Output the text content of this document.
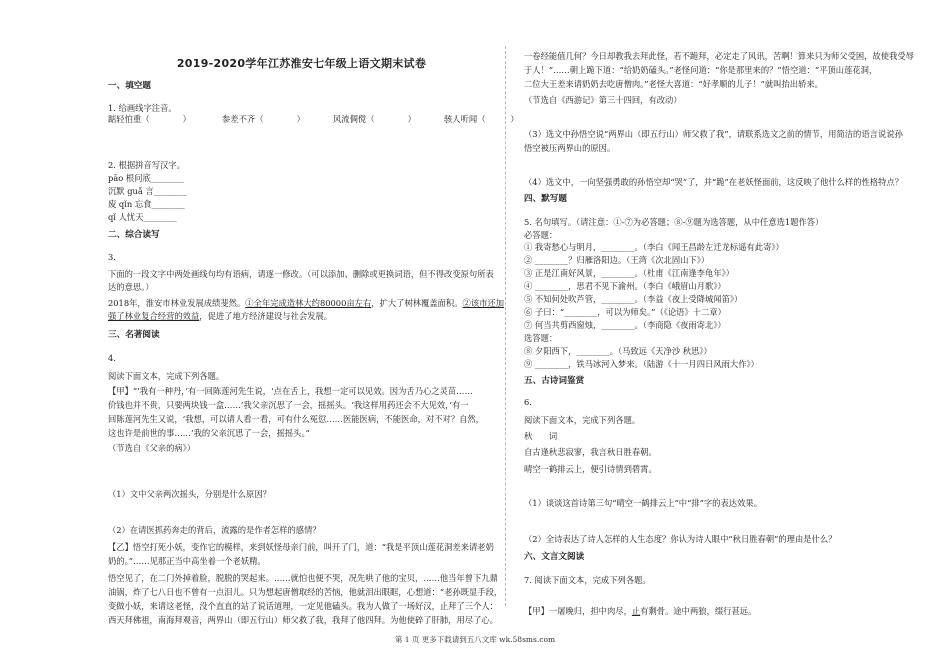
2019-2020学年江苏淮安七年级上语文期末试卷
一、填空题
1. 给画线字注音。
踮轻怕重（　　　　）	参差不齐（　　　　）	风流倜傥（　　　　）	骇人听闻（　　　）
2. 根据拼音写汉字。
pāo 根问底________
沉默 guǎ 言________
废 qǐn 忘食________
qǐ 人忧天________
二、综合读写
3.
下面的一段文字中两处画线句均有语病，请逐一修改。（可以添加、删除或更换词语，但不得改变原句所表
达的意思。）
2018年，淮安市林业发展成绩斐然。①全年完成造林大约80000亩左右，扩大了树林覆盖面积。②该市还加
强了林业复合经营的效益，促进了地方经济建设与社会发展。
三、名著阅读
4.
阅读下面文本，完成下列各题。
【甲】“‘我有一种丹，’有一回陈莲河先生说，‘点在舌上，我想一定可以见效。因为舌乃心之灵苗……
价钱也并不贵，只要两块钱一盒……’我父亲沉思了一会，摇摇头。‘我这样用药还会不大见效，’有一
回陈莲河先生又说，‘我想，可以请人看一看，可有什么冤愆……医能医病，不能医命，对不对？自然，
这也许是前世的事……’我的父亲沉思了一会，摇摇头。”
（节选自《父亲的病》）
（1）文中父亲两次摇头，分别是什么原因？
（2）在请医抓药奔走的背后，流露的是作者怎样的感情？
【乙】悟空打死小妖，变作它的模样，来到妖怪母亲门前，叫开了门，道：“我是平顶山莲花洞差来请老奶
奶的。”……见那正当中高坐着一个老妖精。
悟空见了，在二门外掉着脸，脱脱的哭起来。……就怕也便不哭，况先哄了他的宝贝，……他当年曾下九鼎
油锅，炸了七八日也不曾有一点泪儿。只为想起唐僧取经的苦恼，他就泪出眼眶，心想道：“老孙既显手段，
变做小妖，来请这老怪，没个直直的站了说话道理，一定见他磕头。我为人做了一场好汉，止拜了三个人：
西天拜佛祖，南海拜观音，两界山（即五行山）师父救了我，我拜了他四拜。为他使碎了肝肺，用尽了心。
一卷经能值几何？今日却教我去拜此怪，若不跪拜，必定走了风讯，苦啊！算来只为师父受困，故使我受辱
于人！”……朝上跪下道：“给奶奶磕头。”老怪问道：“你是那里来的？”悟空道：“平顶山莲花洞，
二位大王差来请奶奶去吃唐僧肉。”老怪大喜道：“好孝顺的儿子！”就叫抬出轿来。
（节选自《西游记》第三十四回，有改动）
（3）选文中孙悟空说“两界山（即五行山）师父救了我”，请联系选文之前的情节，用简洁的语言说说孙
悟空被压两界山的原因。
（4）选文中，一向坚强勇敢的孙悟空却“哭”了，并“跪”在老妖怪面前，这反映了他什么样的性格特点？
四、默写题
5. 名句填写。（请注意：①-⑦为必答题；⑧-⑨题为选答题，从中任意选1题作答）
必答题：
① 我寄愁心与明月，________。（李白《闻王昌龄左迁龙标遥有此寄》）
② ________？归雁洛阳边。（王湾《次北固山下》）
③ 正是江南好风景，________。（杜甫《江南逢李龟年》）
④ ________，思君不见下渝州。（李白《峨眉山月歌》）
⑤ 不知何处吹芦管，________。（李益《夜上受降城闻笛》）
⑥ 子曰：“________，可以为师矣。”（《论语》十二章）
⑦ 何当共剪西窗烛，________。（李商隐《夜雨寄北》）
选答题：
⑧ 夕阳西下，________。（马致远《天净沙 秋思》）
⑨ ________，铁马冰河入梦来。（陆游《十一月四日风雨大作》）
五、古诗词鉴赏
6.
阅读下面文本，完成下列各题。
秋　　词
自古逢秋悲寂寥，我言秋日胜春朝。
晴空一鹤排云上，便引诗情到碧霄。
（1）谈谈这首诗第三句“晴空一鹤排云上”中“排”字的表达效果。
（2）全诗表达了诗人怎样的人生态度？你认为诗人眼中“秋日胜春朝”的理由是什么？
六、文言文阅读
7. 阅读下面文本，完成下列各题。
【甲】一屠晚归，担中肉尽，止有剩骨。途中两狼，缀行甚远。
第 1 页 更多下载请到五八文库 wk.58sms.com
